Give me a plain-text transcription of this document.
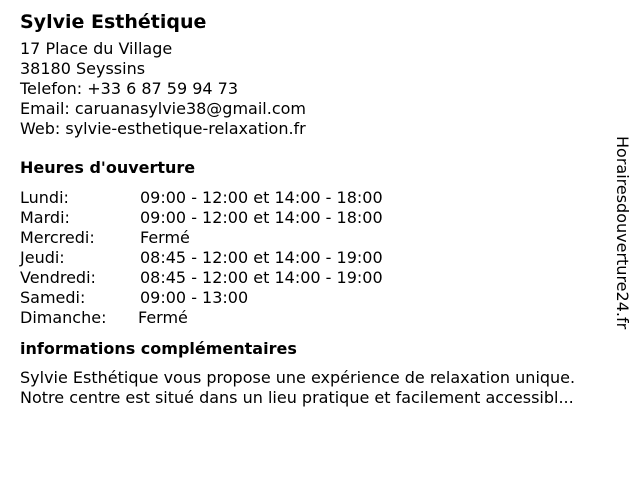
Sylvie Esthétique
17 Place du Village
38180 Seyssins
Telefon: +33 6 87 59 94 73
Email: caruanasylvie38@gmail.com
Web: sylvie-esthetique-relaxation.fr
Heures d'ouverture
Lundi:	09:00 - 12:00 et 14:00 - 18:00
Mardi:	09:00 - 12:00 et 14:00 - 18:00
Mercredi:	Fermé
Jeudi:	08:45 - 12:00 et 14:00 - 19:00
Vendredi:	08:45 - 12:00 et 14:00 - 19:00
Samedi:	09:00 - 13:00
Dimanche: Fermé
informations complémentaires
Sylvie Esthétique vous propose une expérience de relaxation unique.
Notre centre est situé dans un lieu pratique et facilement accessibl...
Horairesdouverture24.fr
